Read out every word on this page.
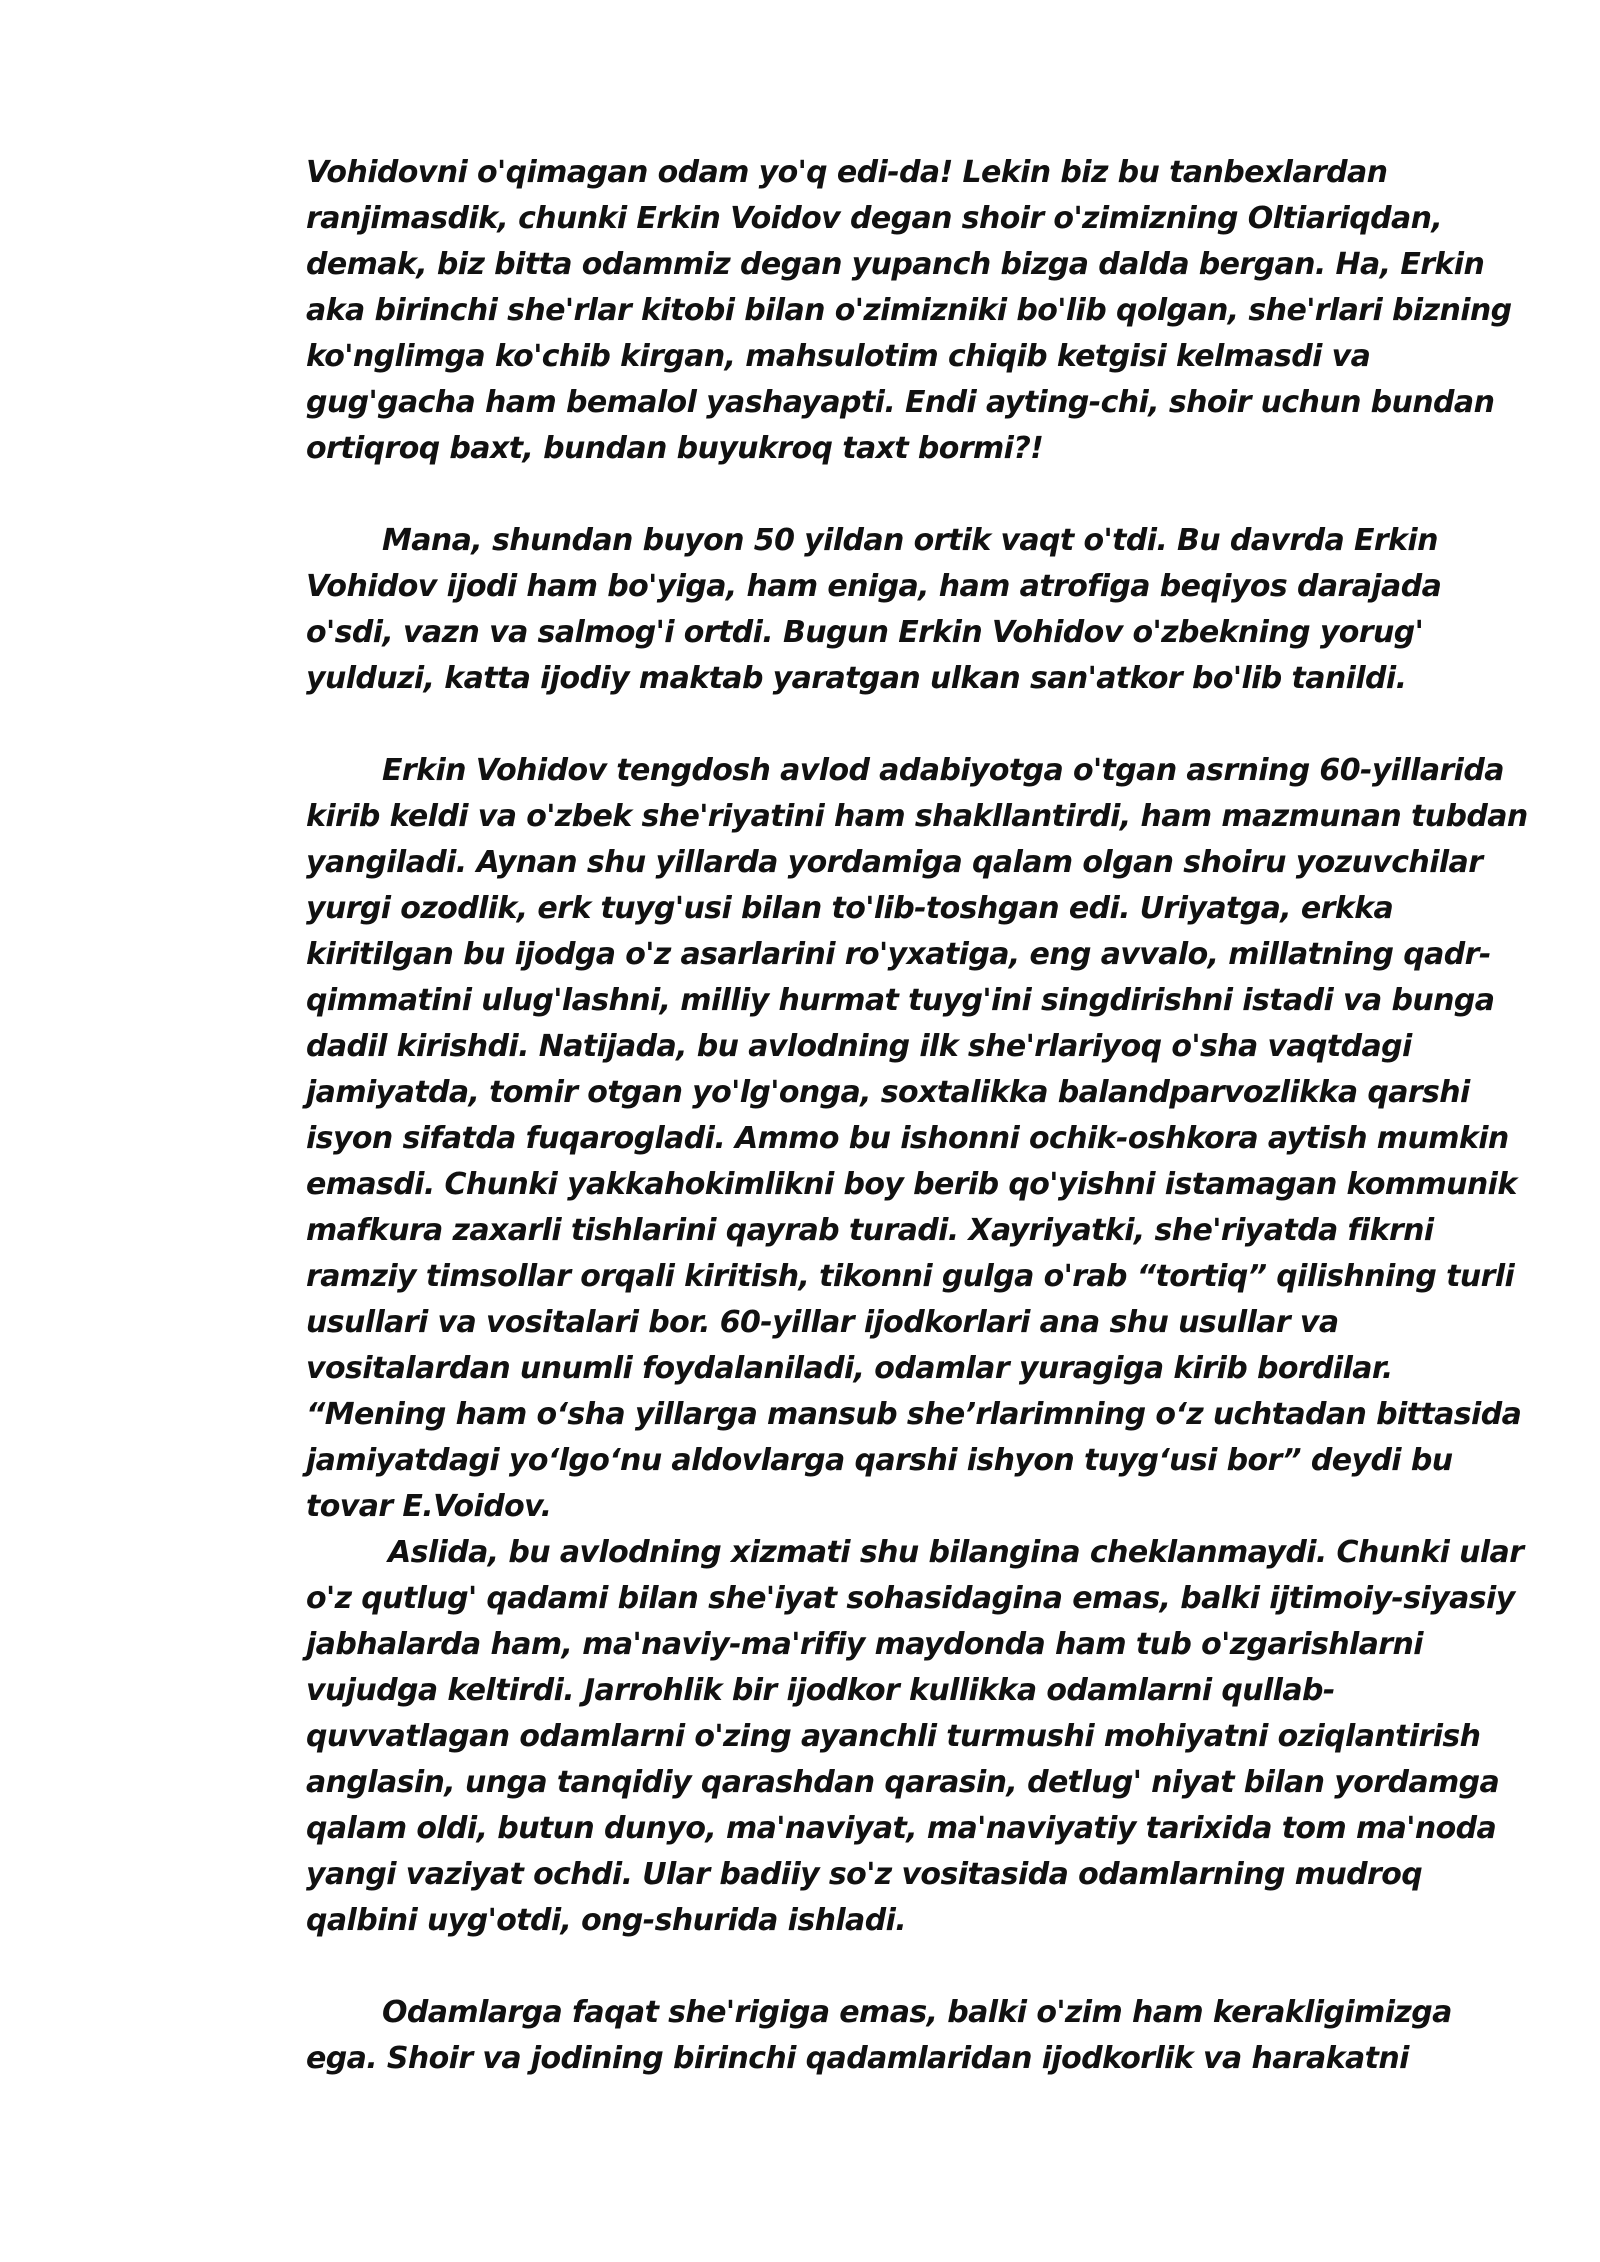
Vohidovni o'qimagan odam yo'q edi-da! Lekin biz bu tanbexlardan
ranjimasdik, chunki Erkin Voidov degan shoir o'zimizning Oltiariqdan,
demak, biz bitta odammiz degan yupanch bizga dalda bergan. Ha, Erkin
aka birinchi she'rlar kitobi bilan o'zimizniki bo'lib qolgan, she'rlari bizning
ko'nglimga ko'chib kirgan, mahsulotim chiqib ketgisi kelmasdi va
gug'gacha ham bemalol yashayapti. Endi ayting-chi, shoir uchun bundan
ortiqroq baxt, bundan buyukroq taxt bormi?!
Mana, shundan buyon 50 yildan ortik vaqt o'tdi. Bu davrda Erkin
Vohidov ijodi ham bo'yiga, ham eniga, ham atrofiga beqiyos darajada
o'sdi, vazn va salmog'i ortdi. Bugun Erkin Vohidov o'zbekning yorug'
yulduzi, katta ijodiy maktab yaratgan ulkan san'atkor bo'lib tanildi.
Erkin Vohidov tengdosh avlod adabiyotga o'tgan asrning 60-yillarida
kirib keldi va o'zbek she'riyatini ham shakllantirdi, ham mazmunan tubdan
yangiladi. Aynan shu yillarda yordamiga qalam olgan shoiru yozuvchilar
yurgi ozodlik, erk tuyg'usi bilan to'lib-toshgan edi. Uriyatga, erkka
kiritilgan bu ijodga o'z asarlarini ro'yxatiga, eng avvalo, millatning qadr-
qimmatini ulug'lashni, milliy hurmat tuyg'ini singdirishni istadi va bunga
dadil kirishdi. Natijada, bu avlodning ilk she'rlariyoq o'sha vaqtdagi
jamiyatda, tomir otgan yo'lg'onga, soxtalikka balandparvozlikka qarshi
isyon sifatda fuqarogladi. Ammo bu ishonni ochik-oshkora aytish mumkin
emasdi. Chunki yakkahokimlikni boy berib qo'yishni istamagan kommunik
mafkura zaxarli tishlarini qayrab turadi. Xayriyatki, she'riyatda fikrni
ramziy timsollar orqali kiritish, tikonni gulga o'rab “tortiq” qilishning turli
usullari va vositalari bor. 60-yillar ijodkorlari ana shu usullar va
vositalardan unumli foydalaniladi, odamlar yuragiga kirib bordilar.
“Mening ham o‘sha yillarga mansub she’rlarimning o‘z uchtadan bittasida
jamiyatdagi yo‘lgo‘nu aldovlarga qarshi ishyon tuyg‘usi bor” deydi bu
tovar E.Voidov.
Aslida, bu avlodning xizmati shu bilangina cheklanmaydi. Chunki ular
o'z qutlug' qadami bilan she'iyat sohasidagina emas, balki ijtimoiy-siyasiy
jabhalarda ham, ma'naviy-ma'rifiy maydonda ham tub o'zgarishlarni
vujudga keltirdi. Jarrohlik bir ijodkor kullikka odamlarni qullab-
quvvatlagan odamlarni o'zing ayanchli turmushi mohiyatni oziqlantirish
anglasin, unga tanqidiy qarashdan qarasin, detlug' niyat bilan yordamga
qalam oldi, butun dunyo, ma'naviyat, ma'naviyatiy tarixida tom ma'noda
yangi vaziyat ochdi. Ular badiiy so'z vositasida odamlarning mudroq
qalbini uyg'otdi, ong-shurida ishladi.
Odamlarga faqat she'rigiga emas, balki o'zim ham kerakligimizga
ega. Shoir va jodining birinchi qadamlaridan ijodkorlik va harakatni
